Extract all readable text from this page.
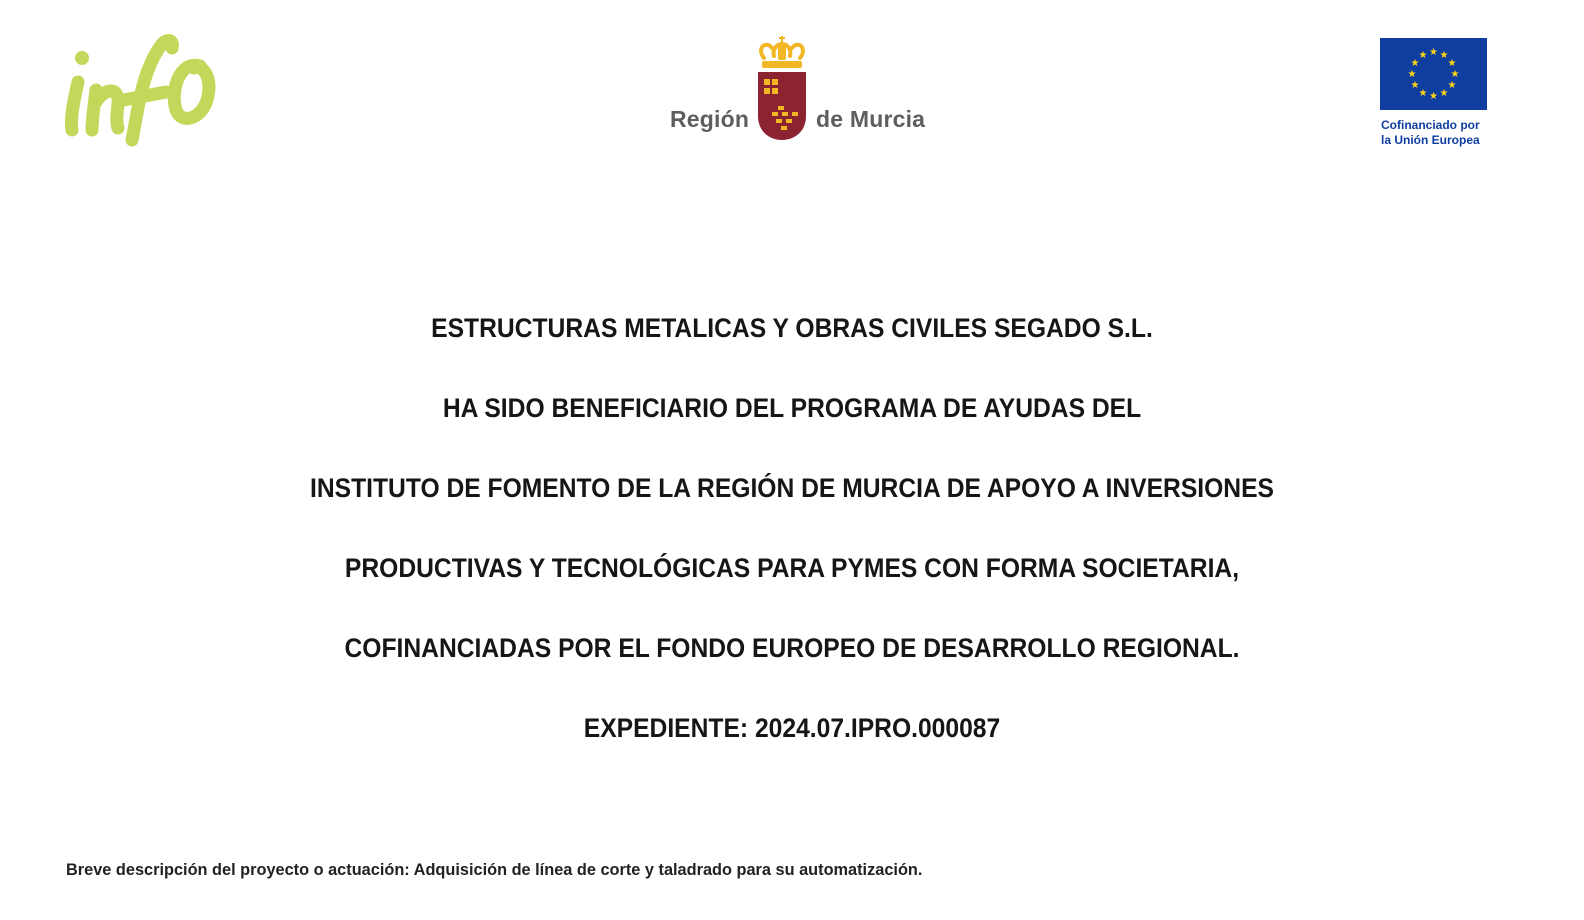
Región	de Murcia
★ ★
★
★
★
★
★
★
★
★
★
★
Cofinanciado por
la Unión Europea
ESTRUCTURAS METALICAS Y OBRAS CIVILES SEGADO S.L.
HA SIDO BENEFICIARIO DEL PROGRAMA DE AYUDAS DEL
INSTITUTO DE FOMENTO DE LA REGIÓN DE MURCIA DE APOYO A INVERSIONES
PRODUCTIVAS Y TECNOLÓGICAS PARA PYMES CON FORMA SOCIETARIA,
COFINANCIADAS POR EL FONDO EUROPEO DE DESARROLLO REGIONAL.
EXPEDIENTE: 2024.07.IPRO.000087
Breve descripción del proyecto o actuación: Adquisición de línea de corte y taladrado para su automatización.
